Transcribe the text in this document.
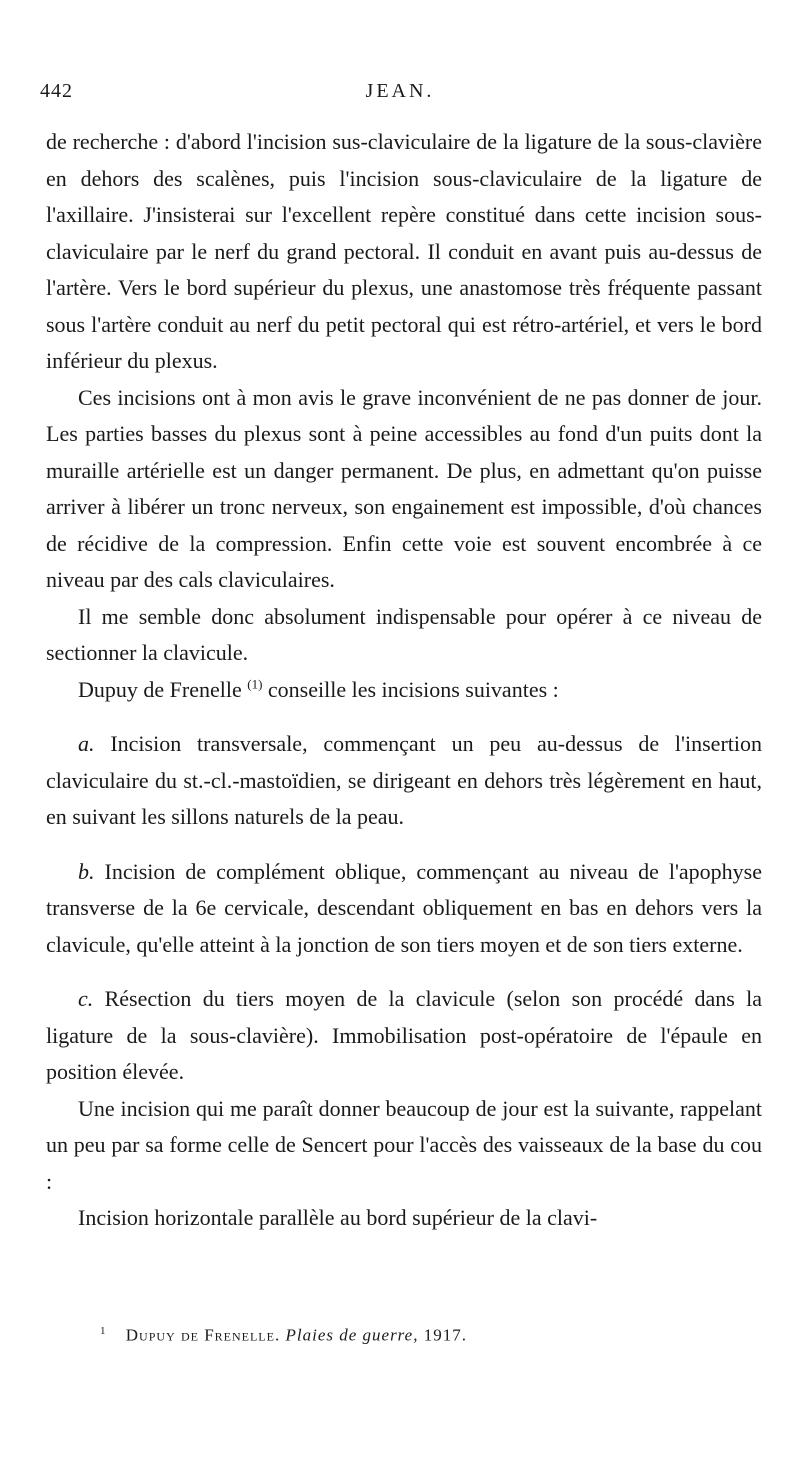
442	JEAN.

de recherche : d'abord l'incision sus-claviculaire de la ligature de la sous-clavière en dehors des scalènes, puis l'incision sous-claviculaire de la ligature de l'axillaire. J'insisterai sur l'excellent repère constitué dans cette incision sous-claviculaire par le nerf du grand pectoral. Il conduit en avant puis au-dessus de l'artère. Vers le bord supérieur du plexus, une anastomose très fréquente passant sous l'artère conduit au nerf du petit pectoral qui est rétro-artériel, et vers le bord inférieur du plexus.

Ces incisions ont à mon avis le grave inconvénient de ne pas donner de jour. Les parties basses du plexus sont à peine accessibles au fond d'un puits dont la muraille artérielle est un danger permanent. De plus, en admettant qu'on puisse arriver à libérer un tronc nerveux, son engainement est impossible, d'où chances de récidive de la compression. Enfin cette voie est souvent encombrée à ce niveau par des cals claviculaires.

Il me semble donc absolument indispensable pour opérer à ce niveau de sectionner la clavicule.

Dupuy de Frenelle $^{(1)}$ conseille les incisions suivantes :

a. Incision transversale, commençant un peu au-dessus de l'insertion claviculaire du st.-cl.-mastoïdien, se dirigeant en dehors très légèrement en haut, en suivant les sillons naturels de la peau.

b. Incision de complément oblique, commençant au niveau de l'apophyse transverse de la 6e cervicale, descendant obliquement en bas en dehors vers la clavicule, qu'elle atteint à la jonction de son tiers moyen et de son tiers externe.

c. Résection du tiers moyen de la clavicule (selon son procédé dans la ligature de la sous-clavière). Immobilisation post-opératoire de l'épaule en position élevée.

Une incision qui me paraît donner beaucoup de jour est la suivante, rappelant un peu par sa forme celle de Sencert pour l'accès des vaisseaux de la base du cou :

Incision horizontale parallèle au bord supérieur de la clavi-

$^1$ Dupuy de Frenelle. Plaies de guerre, 1917.
